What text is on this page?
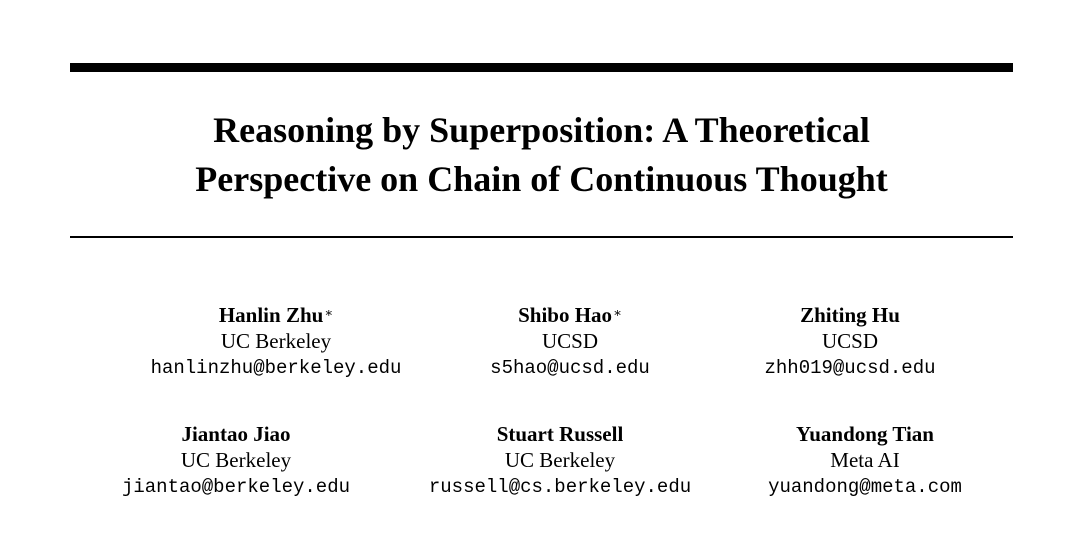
Reasoning by Superposition: A Theoretical
Perspective on Chain of Continuous Thought
Hanlin Zhu∗
UC Berkeley
hanlinzhu@berkeley.edu
Shibo Hao∗
UCSD
s5hao@ucsd.edu
Zhiting Hu
UCSD
zhh019@ucsd.edu
Jiantao Jiao
UC Berkeley
jiantao@berkeley.edu
Stuart Russell
UC Berkeley
russell@cs.berkeley.edu
Yuandong Tian
Meta AI
yuandong@meta.com
